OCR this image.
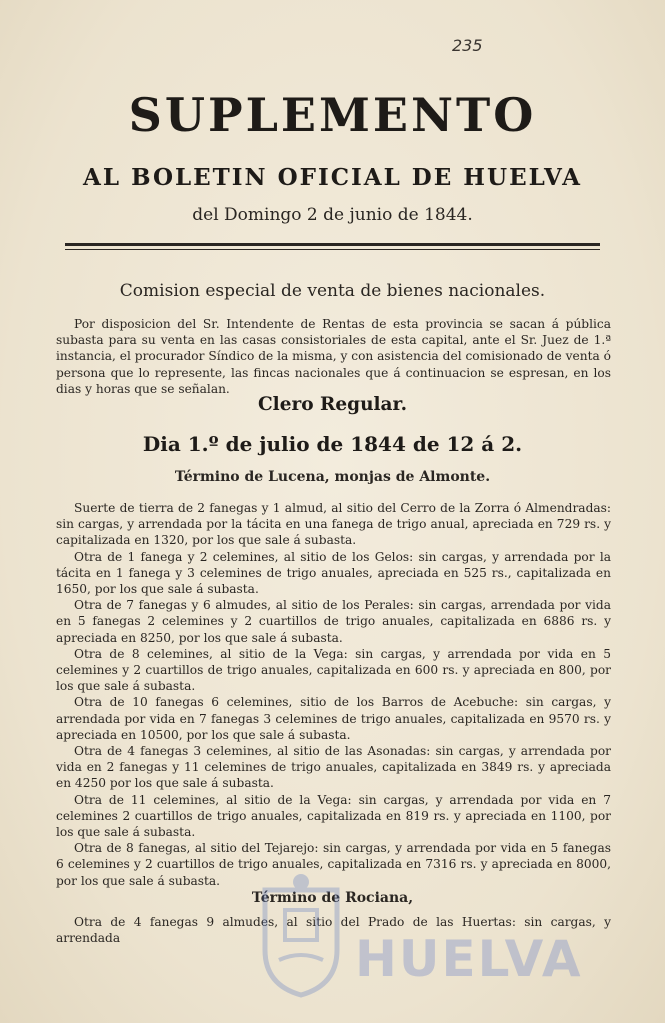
235
SUPLEMENTO
AL BOLETIN OFICIAL DE HUELVA
del Domingo 2 de junio de 1844.
Comision especial de venta de bienes nacionales.

Por disposicion del Sr. Intendente de Rentas de esta provincia se sacan á pública subasta para su venta en las casas consistoriales de esta capital, ante el Sr. Juez de 1.ª instancia, el procurador Síndico de la misma, y con asistencia del comisionado de venta ó persona que lo represente, las fincas nacionales que á continuacion se espresan, en los dias y horas que se señalan.

Clero Regular.
Dia 1.º de julio de 1844 de 12 á 2.
Término de Lucena, monjas de Almonte.

Suerte de tierra de 2 fanegas y 1 almud, al sitio del Cerro de la Zorra ó Almendradas: sin cargas, y arrendada por la tácita en una fanega de trigo anual, apreciada en 729 rs. y capitalizada en 1320, por los que sale á subasta.

Otra de 1 fanega y 2 celemines, al sitio de los Gelos: sin cargas, y arrendada por la tácita en 1 fanega y 3 celemines de trigo anuales, apreciada en 525 rs., capitalizada en 1650, por los que sale á subasta.

Otra de 7 fanegas y 6 almudes, al sitio de los Perales: sin cargas, arrendada por vida en 5 fanegas 2 celemines y 2 cuartillos de trigo anuales, capitalizada en 6886 rs. y apreciada en 8250, por los que sale á subasta.

Otra de 8 celemines, al sitio de la Vega: sin cargas, y arrendada por vida en 5 celemines y 2 cuartillos de trigo anuales, capitalizada en 600 rs. y apreciada en 800, por los que sale á subasta.

Otra de 10 fanegas 6 celemines, sitio de los Barros de Acebuche: sin cargas, y arrendada por vida en 7 fanegas 3 celemines de trigo anuales, capitalizada en 9570 rs. y apreciada en 10500, por los que sale á subasta.

Otra de 4 fanegas 3 celemines, al sitio de las Asonadas: sin cargas, y arrendada por vida en 2 fanegas y 11 celemines de trigo anuales, capitalizada en 3849 rs. y apreciada en 4250 por los que sale á subasta.

Otra de 11 celemines, al sitio de la Vega: sin cargas, y arrendada por vida en 7 celemines 2 cuartillos de trigo anuales, capitalizada en 819 rs. y apreciada en 1100, por los que sale á subasta.

Otra de 8 fanegas, al sitio del Tejarejo: sin cargas, y arrendada por vida en 5 fanegas 6 celemines y 2 cuartillos de trigo anuales, capitalizada en 7316 rs. y apreciada en 8000, por los que sale á subasta.

Término de Rociana,

Otra de 4 fanegas 9 almudes, al sitio del Prado de las Huertas: sin cargas, y arrendada	HUELVA
